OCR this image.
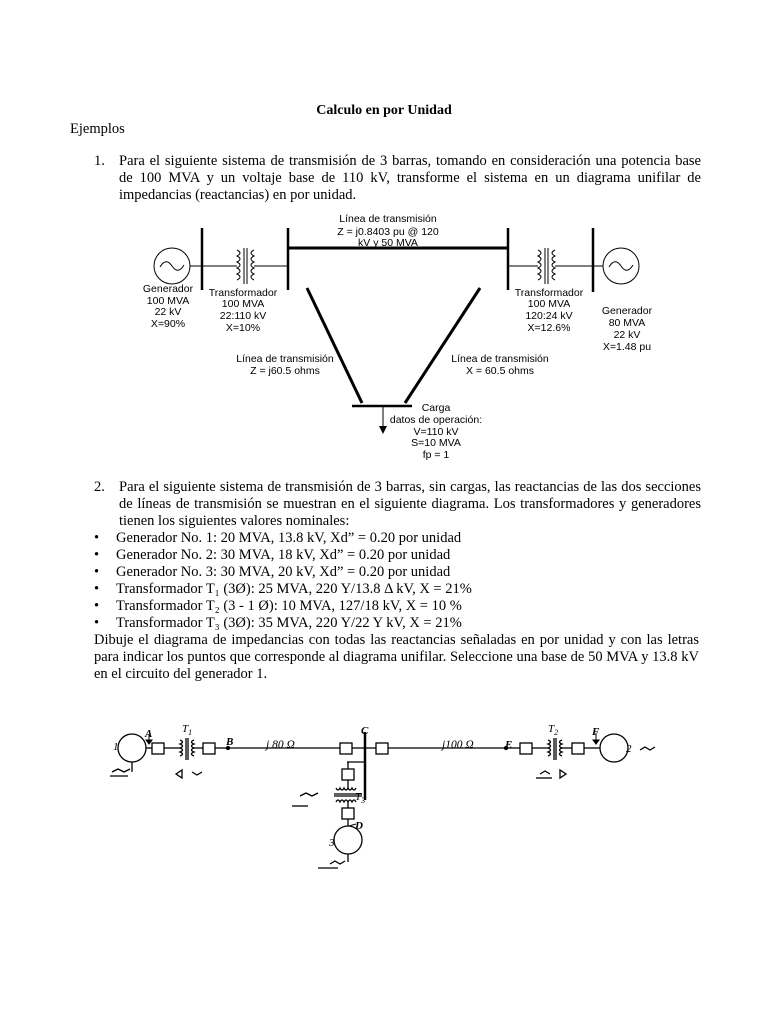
Calculo en por Unidad
Ejemplos
1. Para el siguiente sistema de transmisión de 3 barras, tomando en consideración una potencia base de 100 MVA y un voltaje base de 110 kV, transforme el sistema en un diagrama unifilar de impedancias (reactancias) en por unidad.
Línea de transmisión
Z = j0.8403 pu @ 120
kV y 50 MVA
Generador
100 MVA
22 kV
X=90%
Transformador
100 MVA
22:110 kV
X=10%
Transformador
100 MVA
120:24 kV
X=12.6%
Generador
80 MVA
22 kV
X=1.48 pu
Línea de transmisión
Z = j60.5 ohms
Línea de transmisión
X = 60.5 ohms
Carga
datos de operación:
V=110 kV
S=10 MVA
fp = 1
2. Para el siguiente sistema de transmisión de 3 barras, sin cargas, las reactancias de las dos secciones de líneas de transmisión se muestran en el siguiente diagrama. Los transformadores y generadores tienen los siguientes valores nominales:
• Generador No. 1: 20 MVA, 13.8 kV, Xd” = 0.20 por unidad
• Generador No. 2: 30 MVA, 18 kV, Xd” = 0.20 por unidad
• Generador No. 3: 30 MVA, 20 kV, Xd” = 0.20 por unidad
• Transformador T₁ (3Ø): 25 MVA, 220 Y/13.8 Δ kV, X = 21%
• Transformador T₂ (3 - 1 Ø): 10 MVA, 127/18 kV, X = 10 %
• Transformador T₃ (3Ø): 35 MVA, 220 Y/22 Y kV, X = 21%
Dibuje el diagrama de impedancias con todas las reactancias señaladas en por unidad y con las letras para indicar los puntos que corresponde al diagrama unifilar. Seleccione una base de 50 MVA y 13.8 kV en el circuito del generador 1.
1	2
3
A
B
C
D
E
F
$T_1$	$T_2$
$T_3$
j 80 Ω	j100 Ω
